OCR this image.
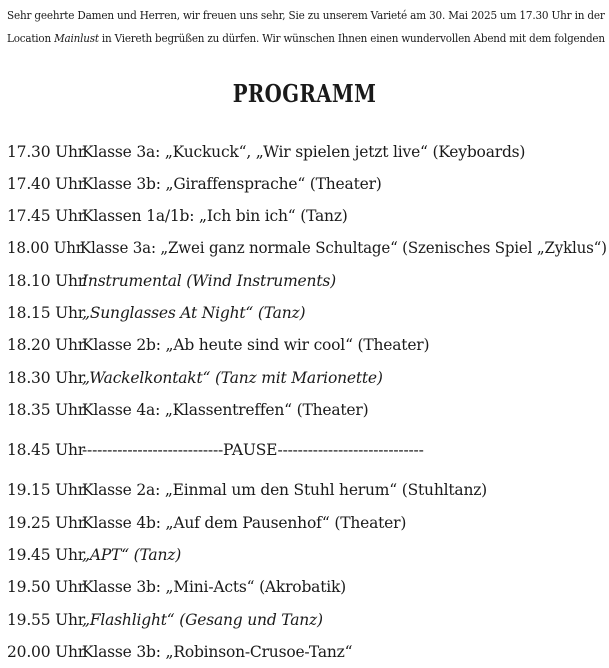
Sehr geehrte Damen und Herren, wir freuen uns sehr, Sie zu unserem Varieté am 30. Mai 2025 um 17.30 Uhr in der
Location Mainlust in Viereth begrüßen zu dürfen. Wir wünschen Ihnen einen wundervollen Abend mit dem folgenden
PROGRAMM
17.30 Uhr
Klasse 3a: „Kuckuck“, „Wir spielen jetzt live“ (Keyboards)
17.40 Uhr
Klasse 3b: „Giraffensprache“ (Theater)
17.45 Uhr
Klassen 1a/1b: „Ich bin ich“ (Tanz)
18.00 Uhr
Klasse 3a: „Zwei ganz normale Schultage“ (Szenisches Spiel „Zyklus“)
18.10 Uhr
Instrumental (Wind Instruments)
18.15 Uhr
„Sunglasses At Night“ (Tanz)
18.20 Uhr
Klasse 2b: „Ab heute sind wir cool“ (Theater)
18.30 Uhr
„Wackelkontakt“ (Tanz mit Marionette)
18.35 Uhr
Klasse 4a: „Klassentreffen“ (Theater)
18.45 Uhr
----------------------------PAUSE-----------------------------
19.15 Uhr
Klasse 2a: „Einmal um den Stuhl herum“ (Stuhltanz)
19.25 Uhr
Klasse 4b: „Auf dem Pausenhof“ (Theater)
19.45 Uhr
„APT“ (Tanz)
19.50 Uhr
Klasse 3b: „Mini-Acts“ (Akrobatik)
19.55 Uhr
„Flashlight“ (Gesang und Tanz)
20.00 Uhr
Klasse 3b: „Robinson-Crusoe-Tanz“
